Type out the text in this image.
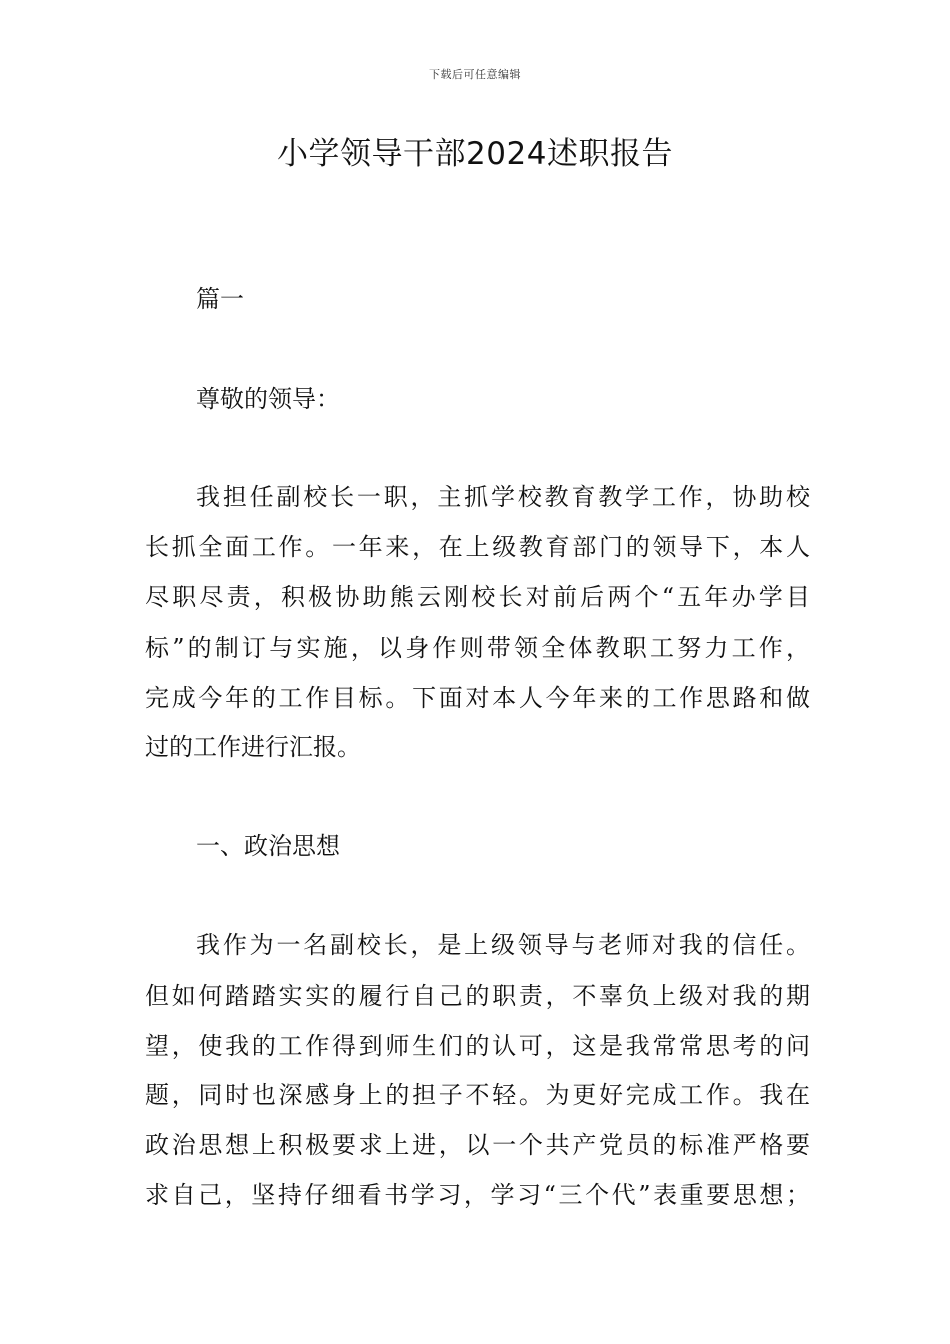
下载后可任意编辑
小学领导干部2024述职报告
篇一
尊敬的领导：
我担任副校长一职，主抓学校教育教学工作，协助校
长抓全面工作。一年来，在上级教育部门的领导下，本人
尽职尽责，积极协助熊云刚校长对前后两个“五年办学目
标”的制订与实施，以身作则带领全体教职工努力工作，
完成今年的工作目标。下面对本人今年来的工作思路和做
过的工作进行汇报。
一、政治思想
我作为一名副校长，是上级领导与老师对我的信任。
但如何踏踏实实的履行自己的职责，不辜负上级对我的期
望，使我的工作得到师生们的认可，这是我常常思考的问
题，同时也深感身上的担子不轻。为更好完成工作。我在
政治思想上积极要求上进，以一个共产党员的标准严格要
求自己，坚持仔细看书学习，学习“三个代”表重要思想；
